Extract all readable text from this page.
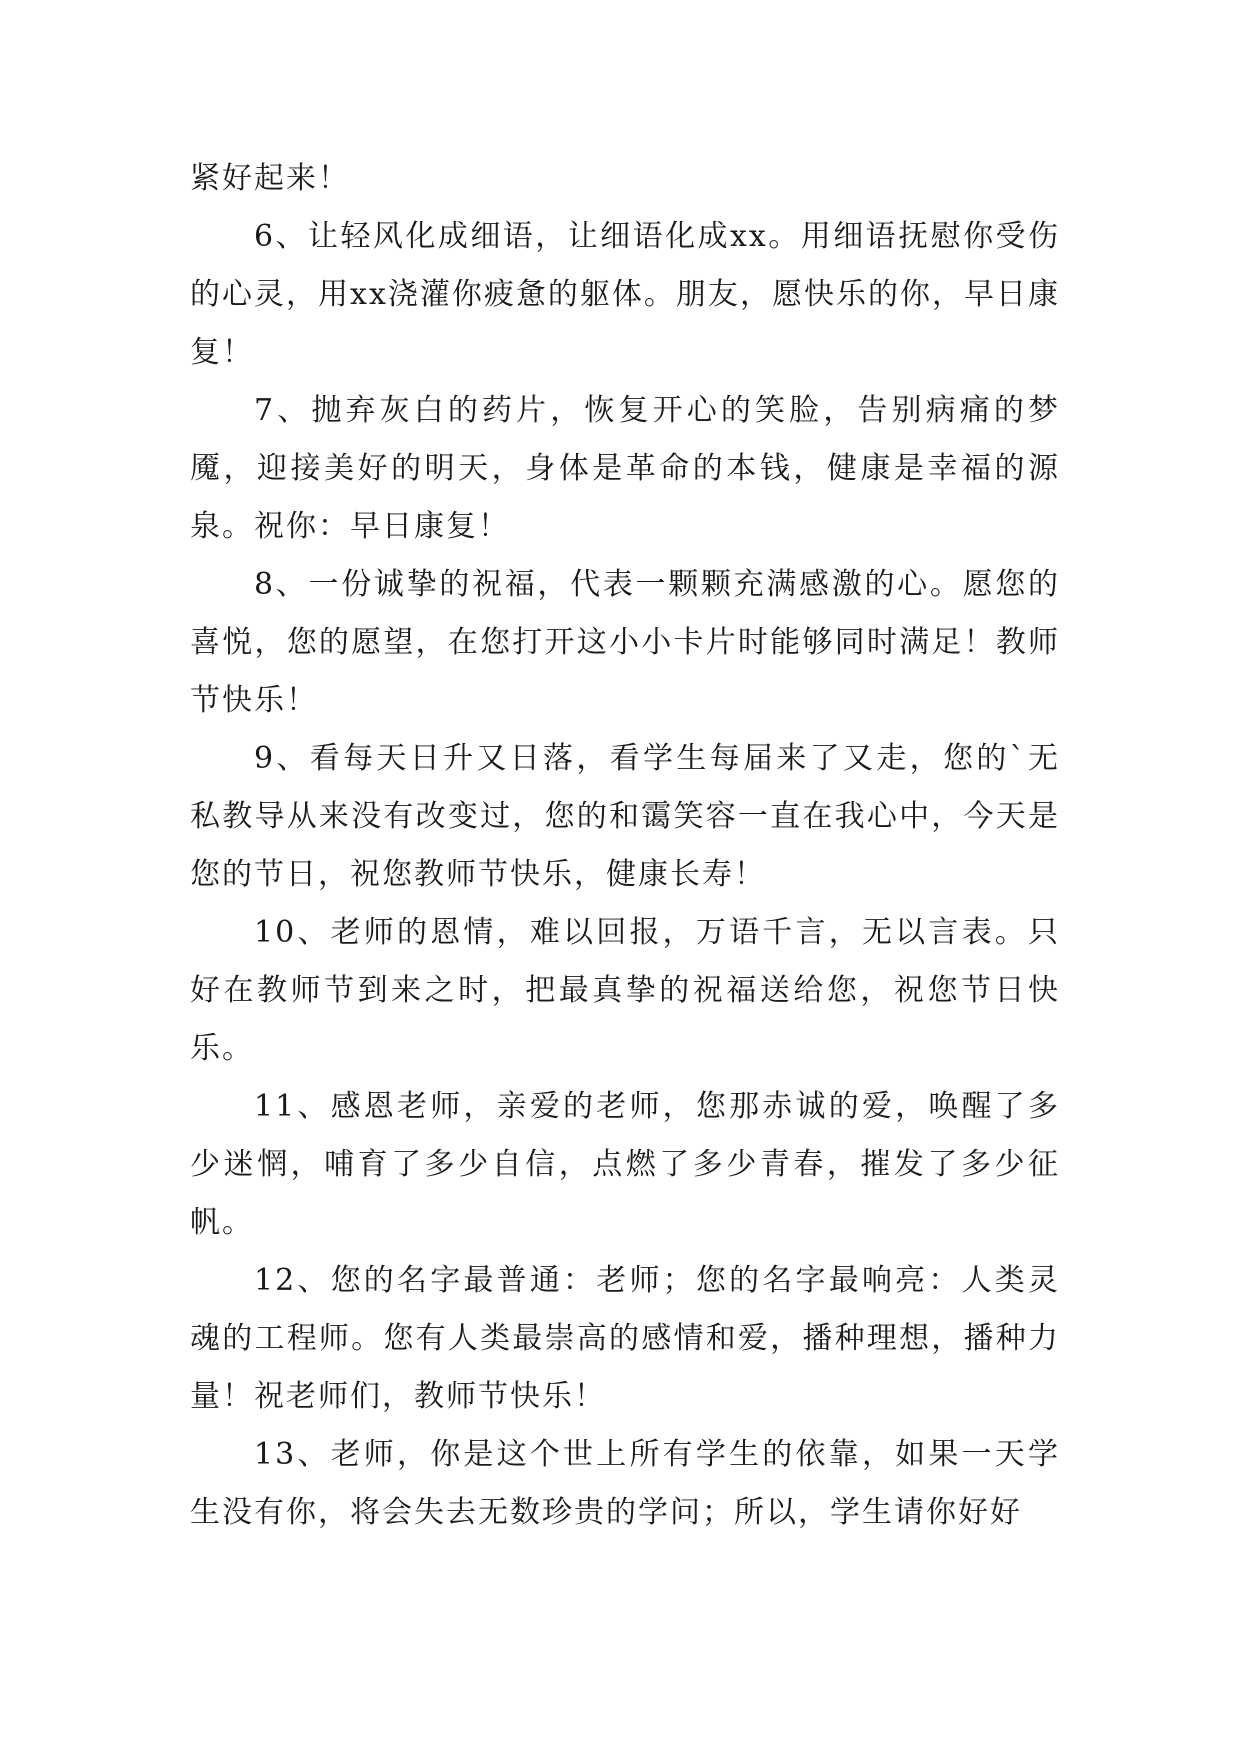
紧好起来！

6、让轻风化成细语，让细语化成xx。用细语抚慰你受伤的心灵，用xx浇灌你疲惫的躯体。朋友，愿快乐的你，早日康复！

7、抛弃灰白的药片，恢复开心的笑脸，告别病痛的梦魇，迎接美好的明天，身体是革命的本钱，健康是幸福的源泉。祝你：早日康复！

8、一份诚挚的祝福，代表一颗颗充满感激的心。愿您的喜悦，您的愿望，在您打开这小小卡片时能够同时满足！教师节快乐！

9、看每天日升又日落，看学生每届来了又走，您的`无私教导从来没有改变过，您的和霭笑容一直在我心中，今天是您的节日，祝您教师节快乐，健康长寿！

10、老师的恩情，难以回报，万语千言，无以言表。只好在教师节到来之时，把最真挚的祝福送给您，祝您节日快乐。

11、感恩老师，亲爱的老师，您那赤诚的爱，唤醒了多少迷惘，哺育了多少自信，点燃了多少青春，摧发了多少征帆。

12、您的名字最普通：老师；您的名字最响亮：人类灵魂的工程师。您有人类最崇高的感情和爱，播种理想，播种力量！祝老师们，教师节快乐！

13、老师，你是这个世上所有学生的依靠，如果一天学生没有你，将会失去无数珍贵的学问；所以，学生请你好好
